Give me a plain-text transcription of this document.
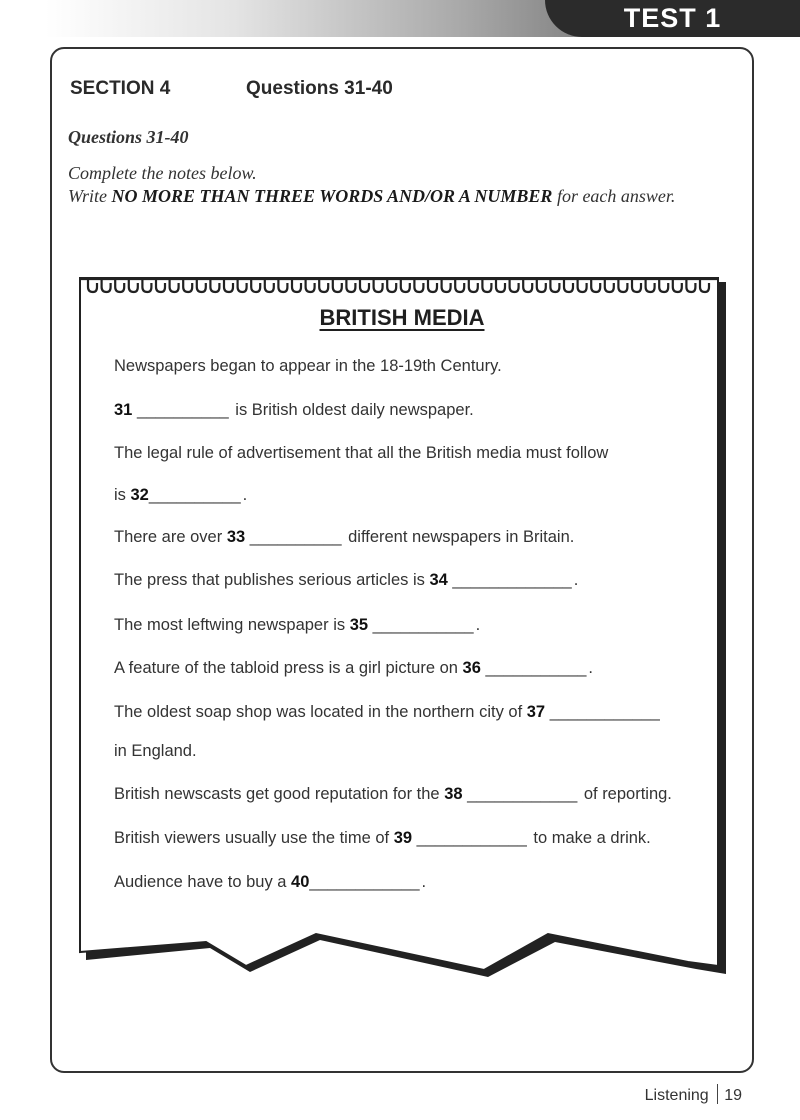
TEST 1
SECTION 4	Questions 31-40
Questions 31-40
Complete the notes below.
Write NO MORE THAN THREE WORDS AND/OR A NUMBER for each answer.
BRITISH MEDIA
Newspapers began to appear in the 18-19th Century.
31 __________ is British oldest daily newspaper.
The legal rule of advertisement that all the British media must follow
is 32__________ .
There are over 33 __________ different newspapers in Britain.
The press that publishes serious articles is 34 _____________ .
The most leftwing newspaper is 35 ___________ .
A feature of the tabloid press is a girl picture on 36 ___________ .
The oldest soap shop was located in the northern city of 37 ____________
in England.
British newscasts get good reputation for the 38 ____________ of reporting.
British viewers usually use the time of 39 ____________ to make a drink.
Audience have to buy a 40____________ .
Listening 19
